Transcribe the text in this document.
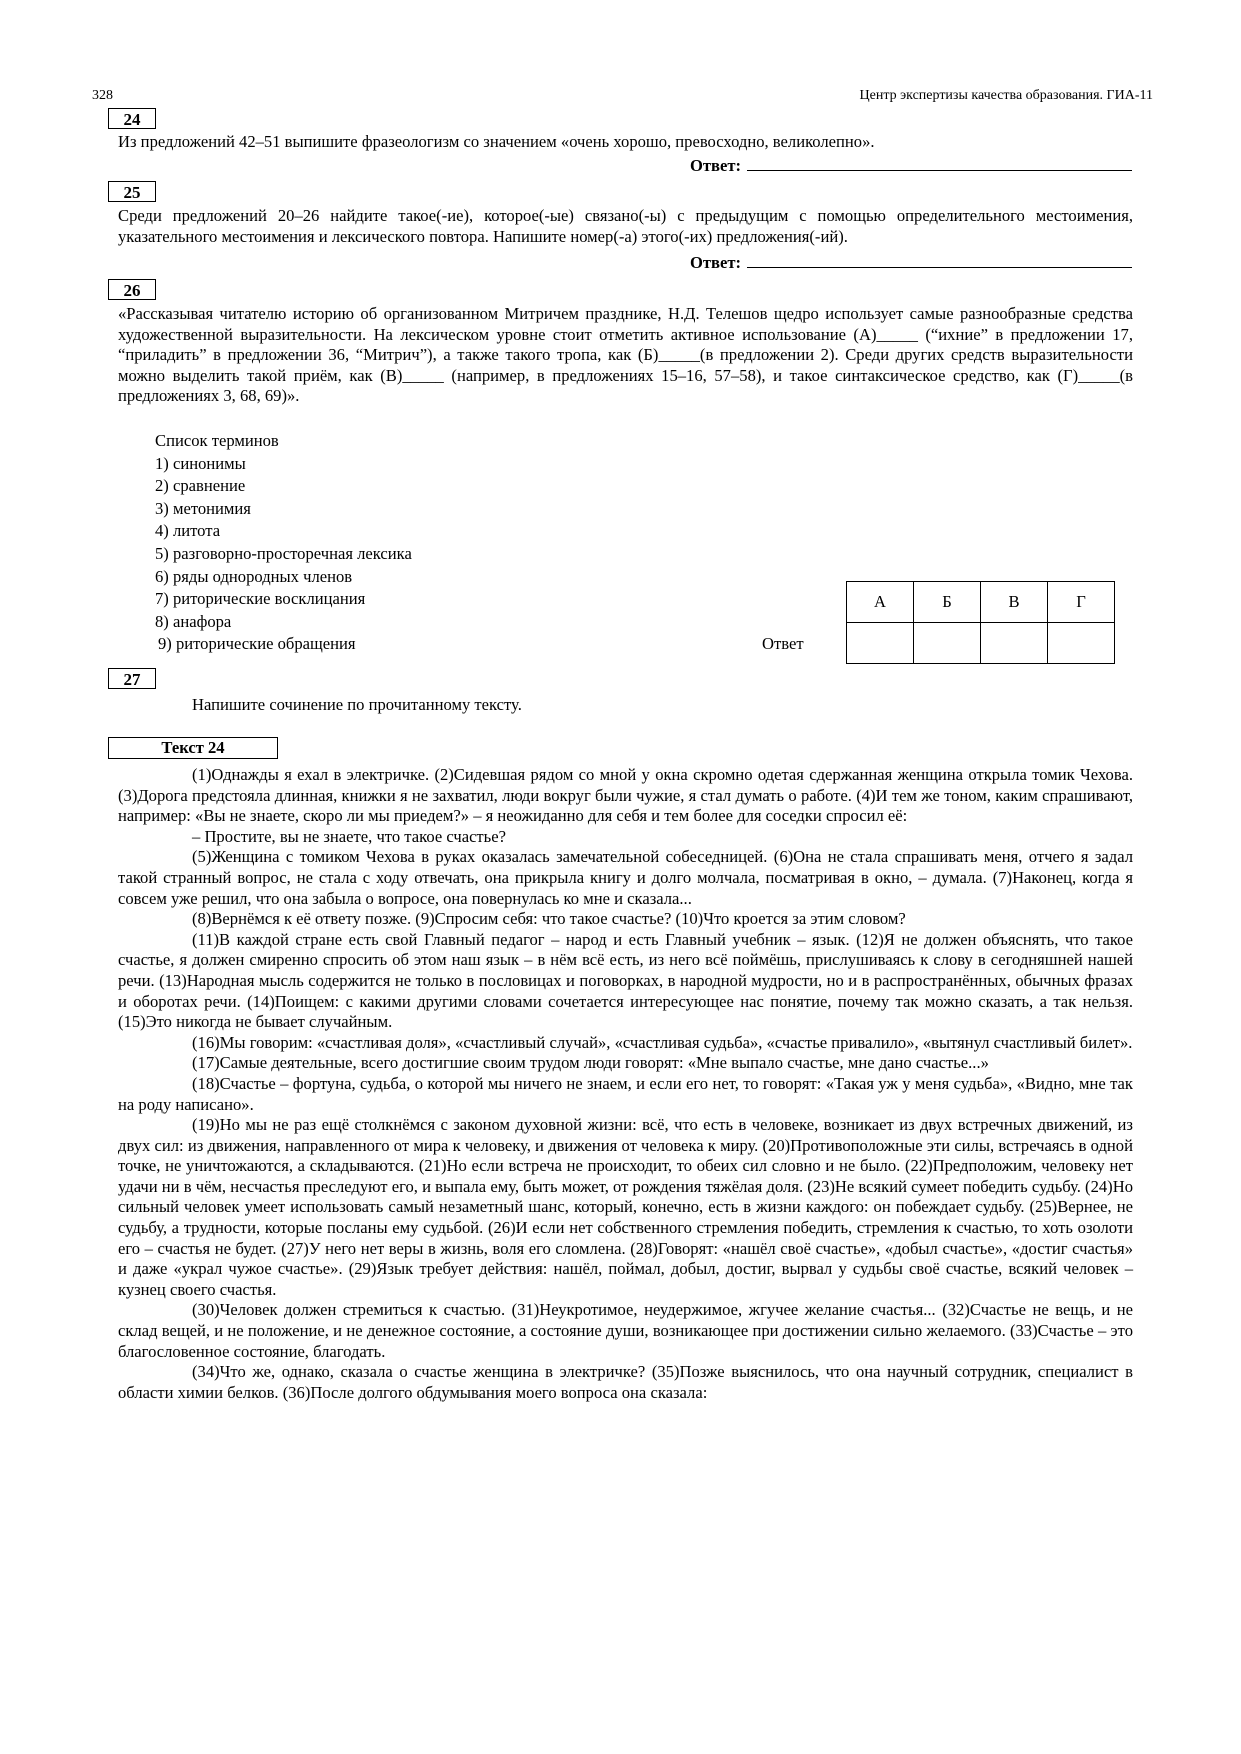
328	Центр экспертизы качества образования. ГИА-11
24
Из предложений 42–51 выпишите фразеологизм со значением «очень хорошо, превосходно, великолепно».
Ответ:
25
Среди предложений 20–26 найдите такое(-ие), которое(-ые) связано(-ы) с предыдущим с помощью определительного местоимения, указательного местоимения и лексического повтора. Напишите номер(-а) этого(-их) предложения(-ий).
Ответ:
26
«Рассказывая читателю историю об организованном Митричем празднике, Н.Д. Телешов щедро использует самые разнообразные средства художественной выразительности. На лексическом уровне стоит отметить активное использование (А)_____ (“ихние” в предложении 17, “приладить” в предложении 36, “Митрич”), а также такого тропа, как (Б)_____(в предложении 2). Среди других средств выразительности можно выделить такой приём, как (В)_____ (например, в предложениях 15–16, 57–58), и такое синтаксическое средство, как (Г)_____(в предложениях 3, 68, 69)».
Список терминов
1) синонимы
2) сравнение
3) метонимия
4) литота
5) разговорно-просторечная лексика
6) ряды однородных членов
7) риторические восклицания
8) анафора
9) риторические обращения	Ответ
А	Б	В	Г

27
Напишите сочинение по прочитанному тексту.
Текст 24

(1)Однажды я ехал в электричке. (2)Сидевшая рядом со мной у окна скромно одетая сдержанная женщина открыла томик Чехова. (3)Дорога предстояла длинная, книжки я не захватил, люди вокруг были чужие, я стал думать о работе. (4)И тем же тоном, каким спрашивают, например: «Вы не знаете, скоро ли мы приедем?» – я неожиданно для себя и тем более для соседки спросил её:

– Простите, вы не знаете, что такое счастье?

(5)Женщина с томиком Чехова в руках оказалась замечательной собеседницей. (6)Она не стала спрашивать меня, отчего я задал такой странный вопрос, не стала с ходу отвечать, она прикрыла книгу и долго молчала, посматривая в окно, – думала. (7)Наконец, когда я совсем уже решил, что она забыла о вопросе, она повернулась ко мне и сказала...

(8)Вернёмся к её ответу позже. (9)Спросим себя: что такое счастье? (10)Что кроется за этим словом?

(11)В каждой стране есть свой Главный педагог – народ и есть Главный учебник – язык. (12)Я не должен объяснять, что такое счастье, я должен смиренно спросить об этом наш язык – в нём всё есть, из него всё поймёшь, прислушиваясь к слову в сегодняшней нашей речи. (13)Народная мысль содержится не только в пословицах и поговорках, в народной мудрости, но и в распространённых, обычных фразах и оборотах речи. (14)Поищем: с какими другими словами сочетается интересующее нас понятие, почему так можно сказать, а так нельзя. (15)Это никогда не бывает случайным.

(16)Мы говорим: «счастливая доля», «счастливый случай», «счастливая судьба», «счастье привалило», «вытянул счастливый билет».

(17)Самые деятельные, всего достигшие своим трудом люди говорят: «Мне выпало счастье, мне дано счастье...»

(18)Счастье – фортуна, судьба, о которой мы ничего не знаем, и если его нет, то говорят: «Такая уж у меня судьба», «Видно, мне так на роду написано».

(19)Но мы не раз ещё столкнёмся с законом духовной жизни: всё, что есть в человеке, возникает из двух встречных движений, из двух сил: из движения, направленного от мира к человеку, и движения от человека к миру. (20)Противоположные эти силы, встречаясь в одной точке, не уничтожаются, а складываются. (21)Но если встреча не происходит, то обеих сил словно и не было. (22)Предположим, человеку нет удачи ни в чём, несчастья преследуют его, и выпала ему, быть может, от рождения тяжёлая доля. (23)Не всякий сумеет победить судьбу. (24)Но сильный человек умеет использовать самый незаметный шанс, который, конечно, есть в жизни каждого: он побеждает судьбу. (25)Вернее, не судьбу, а трудности, которые посланы ему судьбой. (26)И если нет собственного стремления победить, стремления к счастью, то хоть озолоти его – счастья не будет. (27)У него нет веры в жизнь, воля его сломлена. (28)Говорят: «нашёл своё счастье», «добыл счастье», «достиг счастья» и даже «украл чужое счастье». (29)Язык требует действия: нашёл, поймал, добыл, достиг, вырвал у судьбы своё счастье, всякий человек – кузнец своего счастья.

(30)Человек должен стремиться к счастью. (31)Неукротимое, неудержимое, жгучее желание счастья... (32)Счастье не вещь, и не склад вещей, и не положение, и не денежное состояние, а состояние души, возникающее при достижении сильно желаемого. (33)Счастье – это благословенное состояние, благодать.

(34)Что же, однако, сказала о счастье женщина в электричке? (35)Позже выяснилось, что она научный сотрудник, специалист в области химии белков. (36)После долгого обдумывания моего вопроса она сказала:
